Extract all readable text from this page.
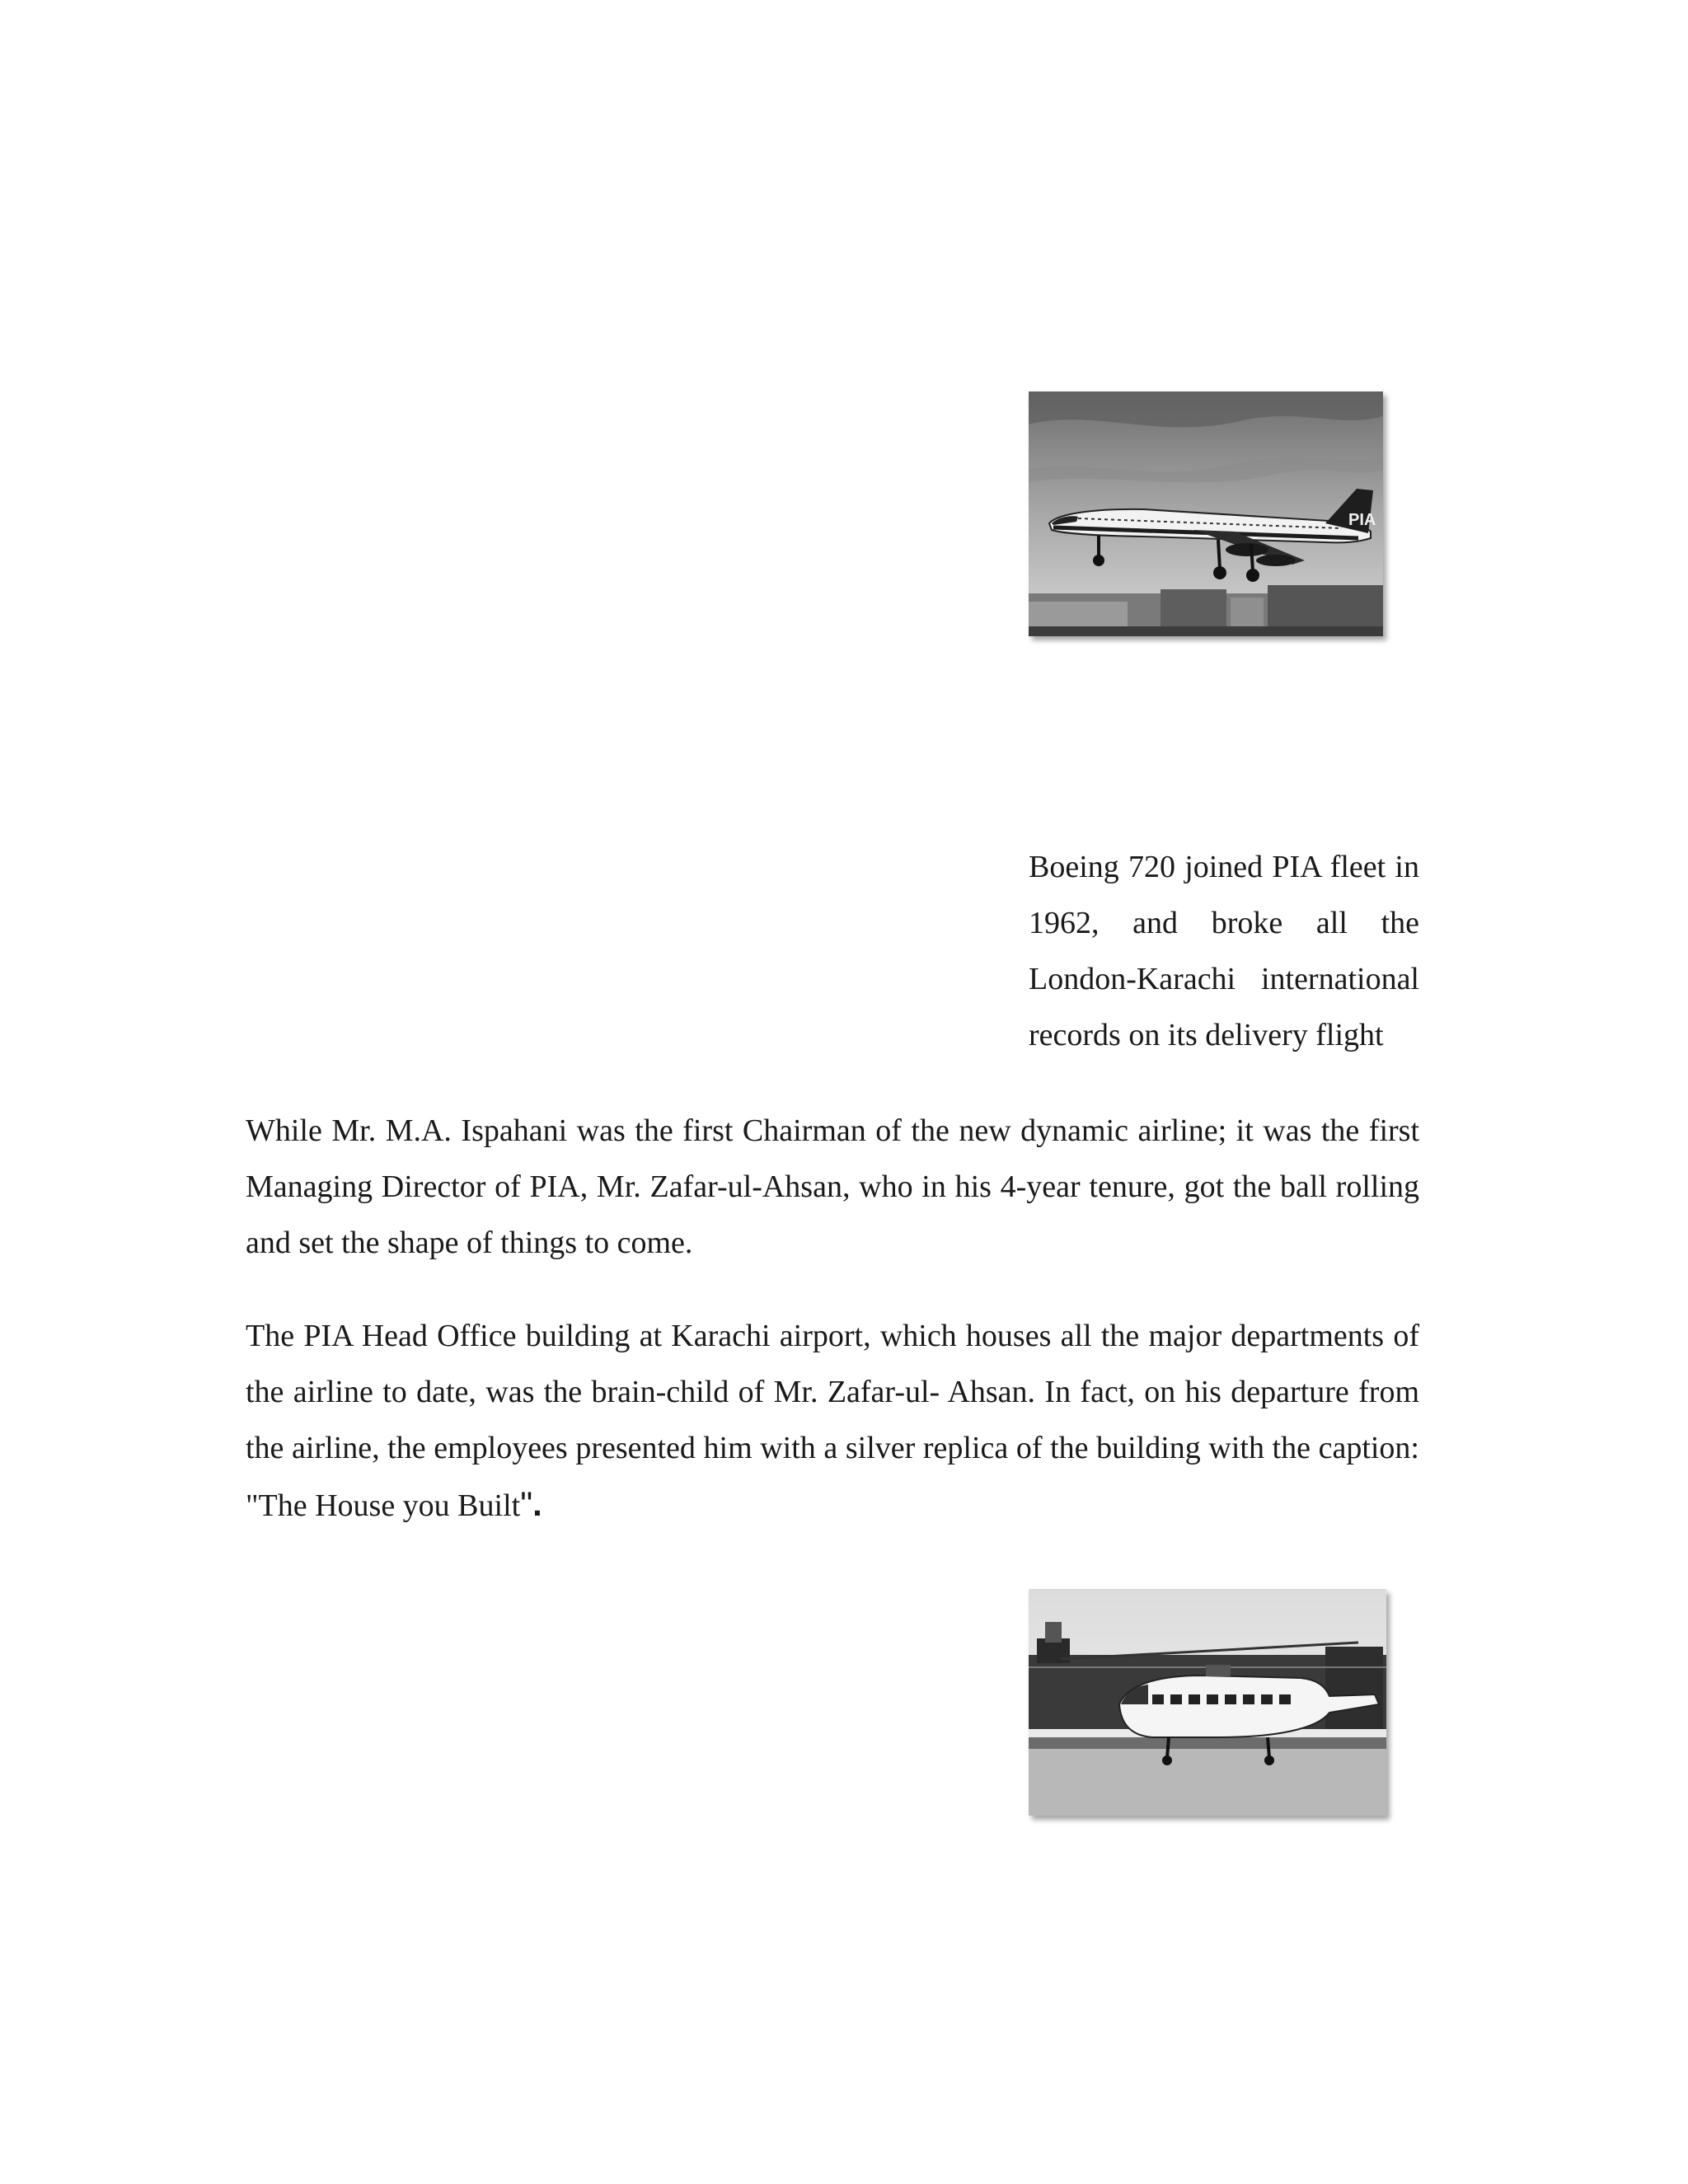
PIA
Boeing 720 joined PIA fleet in 1962, and broke all the London-Karachi international records on its delivery flight

While Mr. M.A. Ispahani was the first Chairman of the new dynamic airline; it was the first Managing Director of PIA, Mr. Zafar-ul-Ahsan, who in his 4-year tenure, got the ball rolling and set the shape of things to come.

The PIA Head Office building at Karachi airport, which houses all the major departments of the airline to date, was the brain-child of Mr. Zafar-ul- Ahsan. In fact, on his departure from the airline, the employees presented him with a silver replica of the building with the caption: "The House you Built".
